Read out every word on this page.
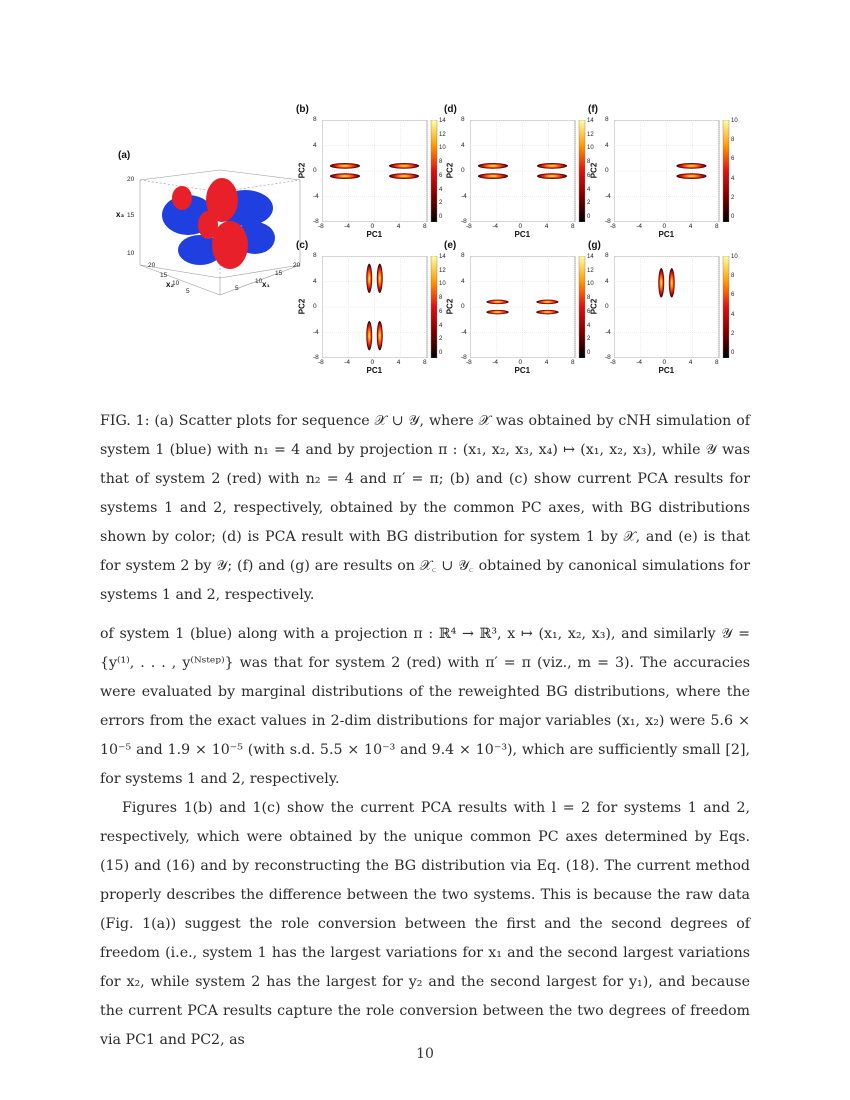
(a)
20
15
10
x₃
20
15
10
5
x₂	5
10
15
20
x₁
(b)
14
12
10
8
6
4
2
0
-8	-4	0	4	8
8
4
0
-4
-8
PC1
PC2
(c)
14
12
10
8
6
4
2
0
-8	-4	0	4	8
8
4
0
-4
-8
PC1
PC2
(d)
14
12
10
8
6
4
2
0
-8	-4	0	4	8
8
4
0
-4
-8
PC1
PC2
(e)
14
12
10
8
6
4
2
0
-8	-4	0	4	8
8
4
0
-4
-8
PC1
PC2
(f)
10
8
6
4
2
0
-8	-4	0	4	8
8
4
0
-4
-8
PC1
PC2
(g)
10
8
6
4
2
0
-8	-4	0	4	8
8
4
0
-4
-8
PC1
PC2

FIG. 1: (a) Scatter plots for sequence 𝒳 ∪ 𝒴, where 𝒳 was obtained by cNH simulation of system 1 (blue) with n₁ = 4 and by projection π : (x₁, x₂, x₃, x₄) ↦ (x₁, x₂, x₃), while 𝒴 was that of system 2 (red) with n₂ = 4 and π′ = π; (b) and (c) show current PCA results for systems 1 and 2, respectively, obtained by the common PC axes, with BG distributions shown by color; (d) is PCA result with BG distribution for system 1 by 𝒳, and (e) is that for system 2 by 𝒴; (f) and (g) are results on 𝒳꜀ ∪ 𝒴꜀ obtained by canonical simulations for systems 1 and 2, respectively.

of system 1 (blue) along with a projection π : ℝ⁴ → ℝ³, x ↦ (x₁, x₂, x₃), and similarly 𝒴 = {y⁽¹⁾, . . . , y⁽ᴺˢᵗᵉᵖ⁾} was that for system 2 (red) with π′ = π (viz., m = 3). The accuracies were evaluated by marginal distributions of the reweighted BG distributions, where the errors from the exact values in 2-dim distributions for major variables (x₁, x₂) were 5.6 × 10⁻⁵ and 1.9 × 10⁻⁵ (with s.d. 5.5 × 10⁻³ and 9.4 × 10⁻³), which are sufficiently small [2], for systems 1 and 2, respectively.

Figures 1(b) and 1(c) show the current PCA results with l = 2 for systems 1 and 2, respectively, which were obtained by the unique common PC axes determined by Eqs. (15) and (16) and by reconstructing the BG distribution via Eq. (18). The current method properly describes the difference between the two systems. This is because the raw data (Fig. 1(a)) suggest the role conversion between the first and the second degrees of freedom (i.e., system 1 has the largest variations for x₁ and the second largest variations for x₂, while system 2 has the largest for y₂ and the second largest for y₁), and because the current PCA results capture the role conversion between the two degrees of freedom via PC1 and PC2, as

10
